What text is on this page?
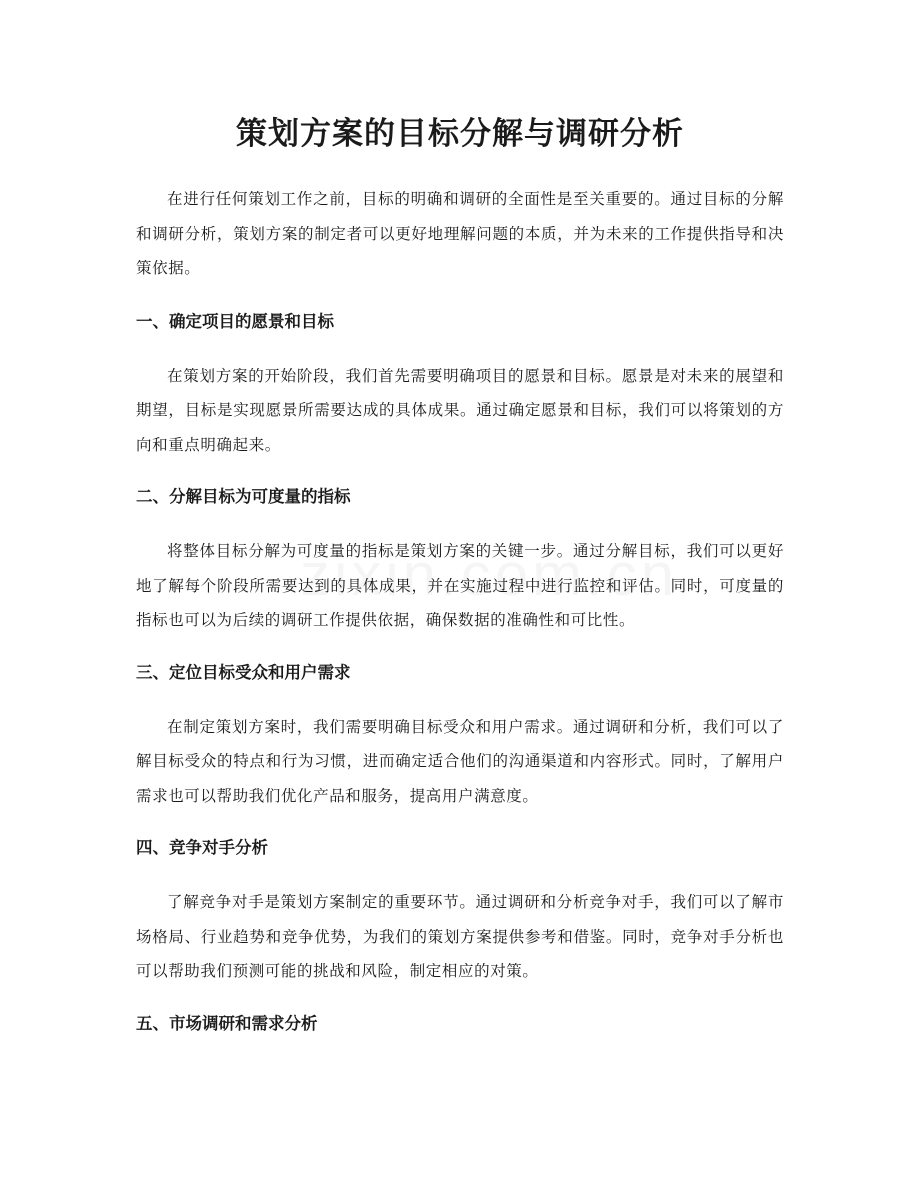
策划方案的目标分解与调研分析

在进行任何策划工作之前，目标的明确和调研的全面性是至关重要的。通过目标的分解和调研分析，策划方案的制定者可以更好地理解问题的本质，并为未来的工作提供指导和决策依据。

一、确定项目的愿景和目标

在策划方案的开始阶段，我们首先需要明确项目的愿景和目标。愿景是对未来的展望和期望，目标是实现愿景所需要达成的具体成果。通过确定愿景和目标，我们可以将策划的方向和重点明确起来。

二、分解目标为可度量的指标

将整体目标分解为可度量的指标是策划方案的关键一步。通过分解目标，我们可以更好地了解每个阶段所需要达到的具体成果，并在实施过程中进行监控和评估。同时，可度量的指标也可以为后续的调研工作提供依据，确保数据的准确性和可比性。

三、定位目标受众和用户需求

在制定策划方案时，我们需要明确目标受众和用户需求。通过调研和分析，我们可以了解目标受众的特点和行为习惯，进而确定适合他们的沟通渠道和内容形式。同时，了解用户需求也可以帮助我们优化产品和服务，提高用户满意度。

四、竞争对手分析

了解竞争对手是策划方案制定的重要环节。通过调研和分析竞争对手，我们可以了解市场格局、行业趋势和竞争优势，为我们的策划方案提供参考和借鉴。同时，竞争对手分析也可以帮助我们预测可能的挑战和风险，制定相应的对策。

五、市场调研和需求分析
